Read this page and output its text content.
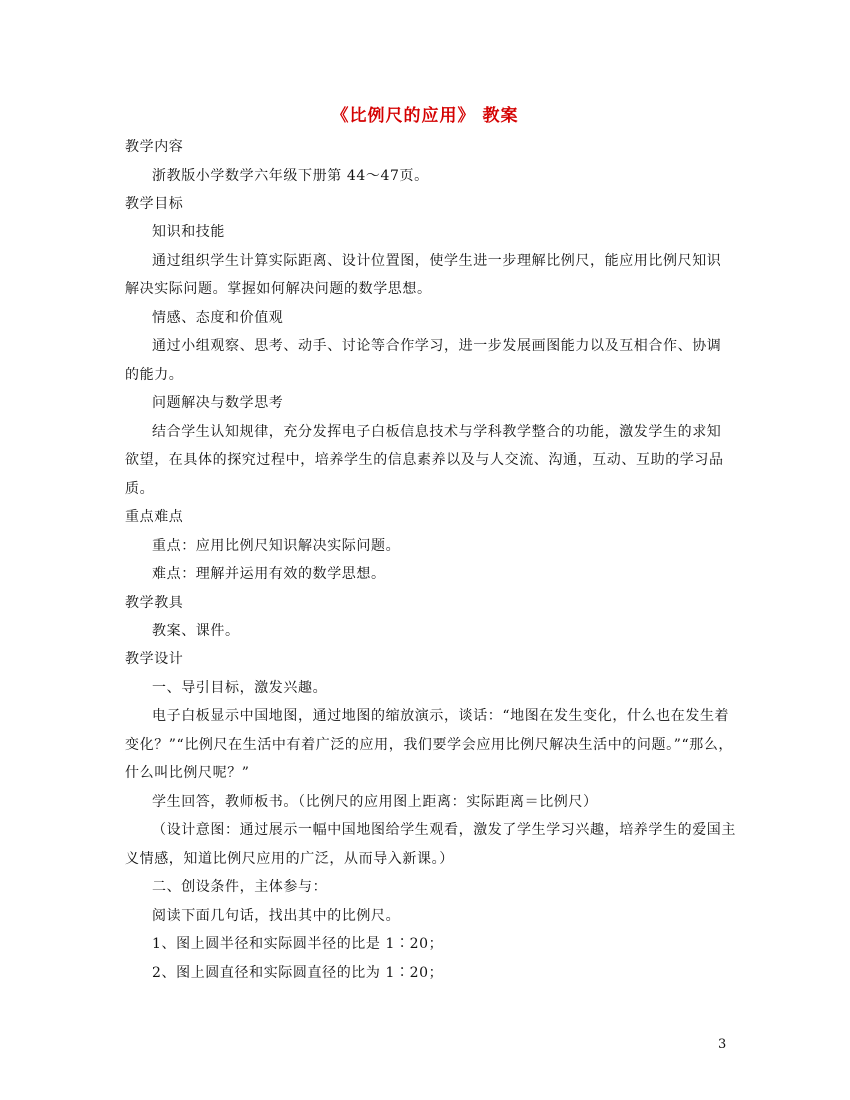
《比例尺的应用》 教案
教学内容
浙教版小学数学六年级下册第 44～47页。
教学目标
知识和技能
通过组织学生计算实际距离、设计位置图，使学生进一步理解比例尺，能应用比例尺知识
解决实际问题。掌握如何解决问题的数学思想。
情感、态度和价值观
通过小组观察、思考、动手、讨论等合作学习，进一步发展画图能力以及互相合作、协调
的能力。
问题解决与数学思考
结合学生认知规律，充分发挥电子白板信息技术与学科教学整合的功能，激发学生的求知
欲望，在具体的探究过程中，培养学生的信息素养以及与人交流、沟通，互动、互助的学习品
质。
重点难点
重点：应用比例尺知识解决实际问题。
难点：理解并运用有效的数学思想。
教学教具
教案、课件。
教学设计
一、导引目标，激发兴趣。
电子白板显示中国地图，通过地图的缩放演示，谈话：“地图在发生变化，什么也在发生着
变化？”“比例尺在生活中有着广泛的应用，我们要学会应用比例尺解决生活中的问题。”“那么，
什么叫比例尺呢？”
学生回答，教师板书。（比例尺的应用图上距离：实际距离＝比例尺）
（设计意图：通过展示一幅中国地图给学生观看，激发了学生学习兴趣，培养学生的爱国主
义情感，知道比例尺应用的广泛，从而导入新课。）
二、创设条件，主体参与：
阅读下面几句话，找出其中的比例尺。
1、图上圆半径和实际圆半径的比是 1∶20；
2、图上圆直径和实际圆直径的比为 1∶20；
3
